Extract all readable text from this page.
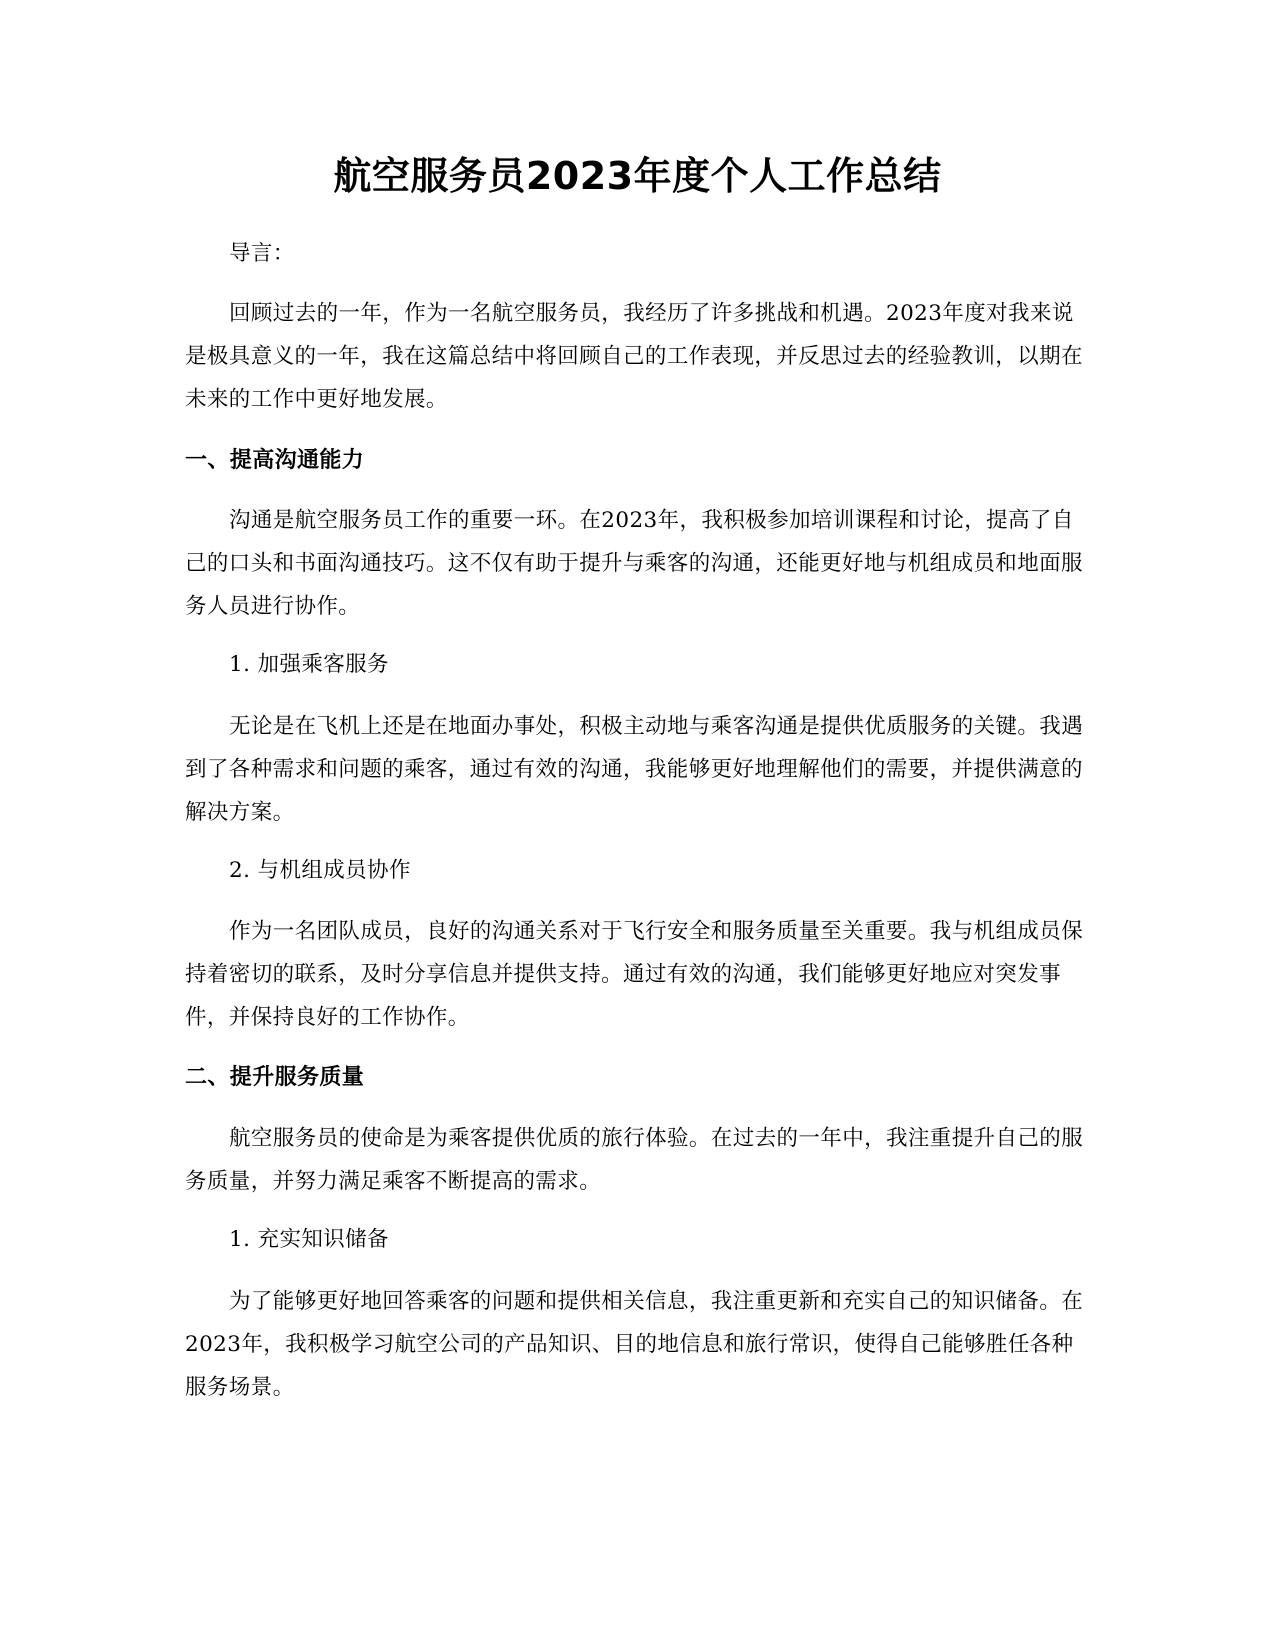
航空服务员2023年度个人工作总结

导言：

回顾过去的一年，作为一名航空服务员，我经历了许多挑战和机遇。2023年度对我来说是极具意义的一年，我在这篇总结中将回顾自己的工作表现，并反思过去的经验教训，以期在未来的工作中更好地发展。

一、提高沟通能力

沟通是航空服务员工作的重要一环。在2023年，我积极参加培训课程和讨论，提高了自己的口头和书面沟通技巧。这不仅有助于提升与乘客的沟通，还能更好地与机组成员和地面服务人员进行协作。

1. 加强乘客服务

无论是在飞机上还是在地面办事处，积极主动地与乘客沟通是提供优质服务的关键。我遇到了各种需求和问题的乘客，通过有效的沟通，我能够更好地理解他们的需要，并提供满意的解决方案。

2. 与机组成员协作

作为一名团队成员，良好的沟通关系对于飞行安全和服务质量至关重要。我与机组成员保持着密切的联系，及时分享信息并提供支持。通过有效的沟通，我们能够更好地应对突发事件，并保持良好的工作协作。

二、提升服务质量

航空服务员的使命是为乘客提供优质的旅行体验。在过去的一年中，我注重提升自己的服务质量，并努力满足乘客不断提高的需求。

1. 充实知识储备

为了能够更好地回答乘客的问题和提供相关信息，我注重更新和充实自己的知识储备。在2023年，我积极学习航空公司的产品知识、目的地信息和旅行常识，使得自己能够胜任各种服务场景。
